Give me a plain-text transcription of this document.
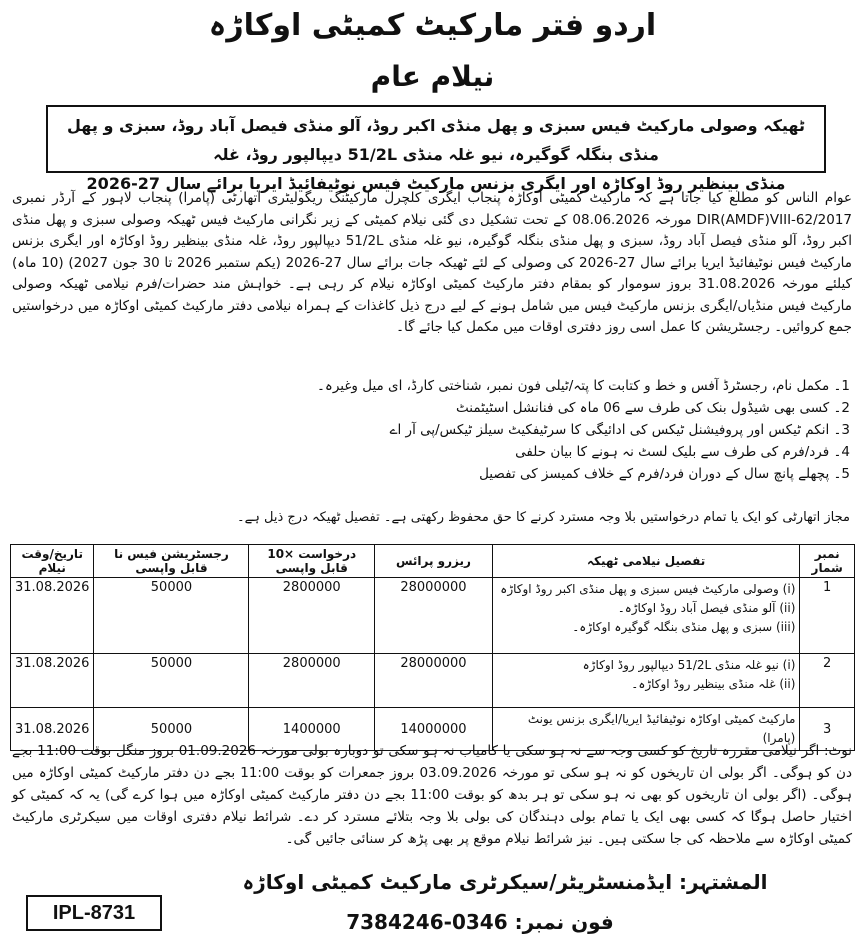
اردو فتر مارکیٹ کمیٹی اوکاڑہ
نیلام عام
ٹھیکہ وصولی مارکیٹ فیس سبزی و پھل منڈی اکبر روڈ، آلو منڈی فیصل آباد روڈ، سبزی و پھل منڈی بنگلہ گوگیرہ، نیو غلہ منڈی 51/2L دیپالپور روڈ، غلہ
منڈی بینظیر روڈ اوکاڑہ اور ایگری بزنس مارکیٹ فیس نوٹیفائیڈ ایریا برائے سال 27-2026
عوام الناس کو مطلع کیا جاتا ہے کہ مارکیٹ کمیٹی اوکاڑہ پنجاب ایگری کلچرل مارکیٹنگ ریگولیٹری اتھارٹی (پامرا) پنجاب لاہور کے آرڈر نمبری DIR(AMDF)VIII-62/2017 مورخہ 08.06.2026 کے تحت تشکیل دی گئی نیلام کمیٹی کے زیر نگرانی مارکیٹ فیس ٹھیکہ وصولی سبزی و پھل منڈی اکبر روڈ، آلو منڈی فیصل آباد روڈ، سبزی و پھل منڈی بنگلہ گوگیرہ، نیو غلہ منڈی 51/2L دیپالپور روڈ، غلہ منڈی بینظیر روڈ اوکاڑہ اور ایگری بزنس مارکیٹ فیس نوٹیفائیڈ ایریا برائے سال 27-2026 کی وصولی کے لئے ٹھیکہ جات برائے سال 27-2026 (یکم ستمبر 2026 تا 30 جون 2027) (10 ماہ) کیلئے مورخہ 31.08.2026 بروز سوموار کو بمقام دفتر مارکیٹ کمیٹی اوکاڑہ نیلام کر رہی ہے۔ خواہش مند حضرات/فرم نیلامی ٹھیکہ وصولی مارکیٹ فیس منڈیاں/ایگری بزنس مارکیٹ فیس میں شامل ہونے کے لیے درج ذیل کاغذات کے ہمراہ نیلامی دفتر مارکیٹ کمیٹی اوکاڑہ میں درخواستیں جمع کروائیں۔ رجسٹریشن کا عمل اسی روز دفتری اوقات میں مکمل کیا جائے گا۔
1۔ مکمل نام، رجسٹرڈ آفس و خط و کتابت کا پتہ/ٹیلی فون نمبر، شناختی کارڈ، ای میل وغیرہ۔
2۔ کسی بھی شیڈول بنک کی طرف سے 06 ماہ کی فنانشل اسٹیٹمنٹ
3۔ انکم ٹیکس اور پروفیشنل ٹیکس کی ادائیگی کا سرٹیفکیٹ سیلز ٹیکس/پی آر اے
4۔ فرد/فرم کی طرف سے بلیک لسٹ نہ ہونے کا بیان حلفی
5۔ پچھلے پانچ سال کے دوران فرد/فرم کے خلاف کمیسز کی تفصیل
مجاز اتھارٹی کو ایک یا تمام درخواستیں بلا وجہ مسترد کرنے کا حق محفوظ رکھتی ہے۔ تفصیل ٹھیکہ درج ذیل ہے۔
نمبر شمار	تفصیل نیلامی ٹھیکہ	ریزرو پرائس	درخواست ×10 قابل واپسی	رجسٹریشن فیس نا قابل واپسی	تاریخ/وقت نیلام
1	(i) وصولی مارکیٹ فیس سبزی و پھل منڈی اکبر روڈ اوکاڑہ
(ii) آلو منڈی فیصل آباد روڈ اوکاڑہ۔
(iii) سبزی و پھل منڈی بنگلہ گوگیرہ اوکاڑہ۔	28000000	2800000	50000	31.08.2026
2	(i) نیو غلہ منڈی 51/2L دیپالپور روڈ اوکاڑہ
(ii) غلہ منڈی بینظیر روڈ اوکاڑہ۔	28000000	2800000	50000	31.08.2026
3	مارکیٹ کمیٹی اوکاڑہ نوٹیفائیڈ ایریا/ایگری بزنس یونٹ (پامرا)	14000000	1400000	50000	31.08.2026
نوٹ: اگر نیلامی مقررہ تاریخ کو کسی وجہ سے نہ ہو سکی یا کامیاب نہ ہو سکی تو دوبارہ بولی مورخہ 01.09.2026 بروز منگل بوقت 11:00 بجے دن کو ہوگی۔ اگر بولی ان تاریخوں کو نہ ہو سکی تو مورخہ 03.09.2026 بروز جمعرات کو بوقت 11:00 بجے دن دفتر مارکیٹ کمیٹی اوکاڑہ میں ہوگی۔ (اگر بولی ان تاریخوں کو بھی نہ ہو سکی تو ہر بدھ کو بوقت 11:00 بجے دن دفتر مارکیٹ کمیٹی اوکاڑہ میں ہوا کرے گی) یہ کہ کمیٹی کو اختیار حاصل ہوگا کہ کسی بھی ایک یا تمام بولی دہندگان کی بولی بلا وجہ بتلائے مسترد کر دے۔ شرائط نیلام دفتری اوقات میں سیکرٹری مارکیٹ کمیٹی اوکاڑہ سے ملاحظہ کی جا سکتی ہیں۔ نیز شرائط نیلام موقع پر بھی پڑھ کر سنائی جائیں گی۔
المشتہر: ایڈمنسٹریٹر/سیکرٹری مارکیٹ کمیٹی اوکاڑہ
فون نمبر: 0346-7384246
IPL-8731
